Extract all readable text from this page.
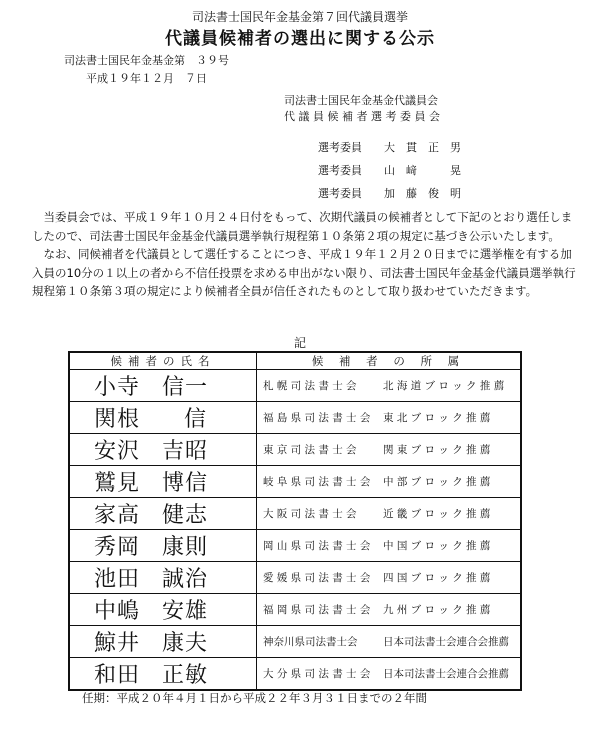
司法書士国民年金基金第７回代議員選挙
代議員候補者の選出に関する公示
司法書士国民年金基金第　３９号
平成１９年１２月　７日
司法書士国民年金基金代議員会
代 議 員 候 補 者 選 考 委 員 会
選考委員 大　貫　正　男
選考委員 山　﨑　　　晃
選考委員 加　藤　俊　明

当委員会では、平成１９年１０月２４日付をもって、次期代議員の候補者として下記のとおり選任しましたので、司法書士国民年金基金代議員選挙執行規程第１０条第２項の規定に基づき公示いたします。

なお、同候補者を代議員として選任することにつき、平成１９年１２月２０日までに選挙権を有する加入員の10分の１以上の者から不信任投票を求める申出がない限り、司法書士国民年金基金代議員選挙執行規程第１０条第３項の規定により候補者全員が信任されたものとして取り扱わせていただきます。

記
候補者の氏名	候 補 者 の 所 属
小寺 信一	札 幌 司 法 書 士 会 北 海 道 ブ ロ ッ ク 推 薦
関根 信	福 島 県 司 法 書 士 会 東 北 ブ ロ ッ ク 推 薦
安沢 吉昭	東 京 司 法 書 士 会 関 東 ブ ロ ッ ク 推 薦
鷲見 博信	岐 阜 県 司 法 書 士 会 中 部 ブ ロ ッ ク 推 薦
家高 健志	大 阪 司 法 書 士 会 近 畿 ブ ロ ッ ク 推 薦
秀岡 康則	岡 山 県 司 法 書 士 会 中 国 ブ ロ ッ ク 推 薦
池田 誠治	愛 媛 県 司 法 書 士 会 四 国 ブ ロ ッ ク 推 薦
中嶋 安雄	福 岡 県 司 法 書 士 会 九 州 ブ ロ ッ ク 推 薦
鯨井 康夫	神奈川県司法書士会 日本司法書士会連合会推薦
和田 正敏	大 分 県 司 法 書 士 会 日本司法書士会連合会推薦
任期：平成２０年４月１日から平成２２年３月３１日までの２年間
